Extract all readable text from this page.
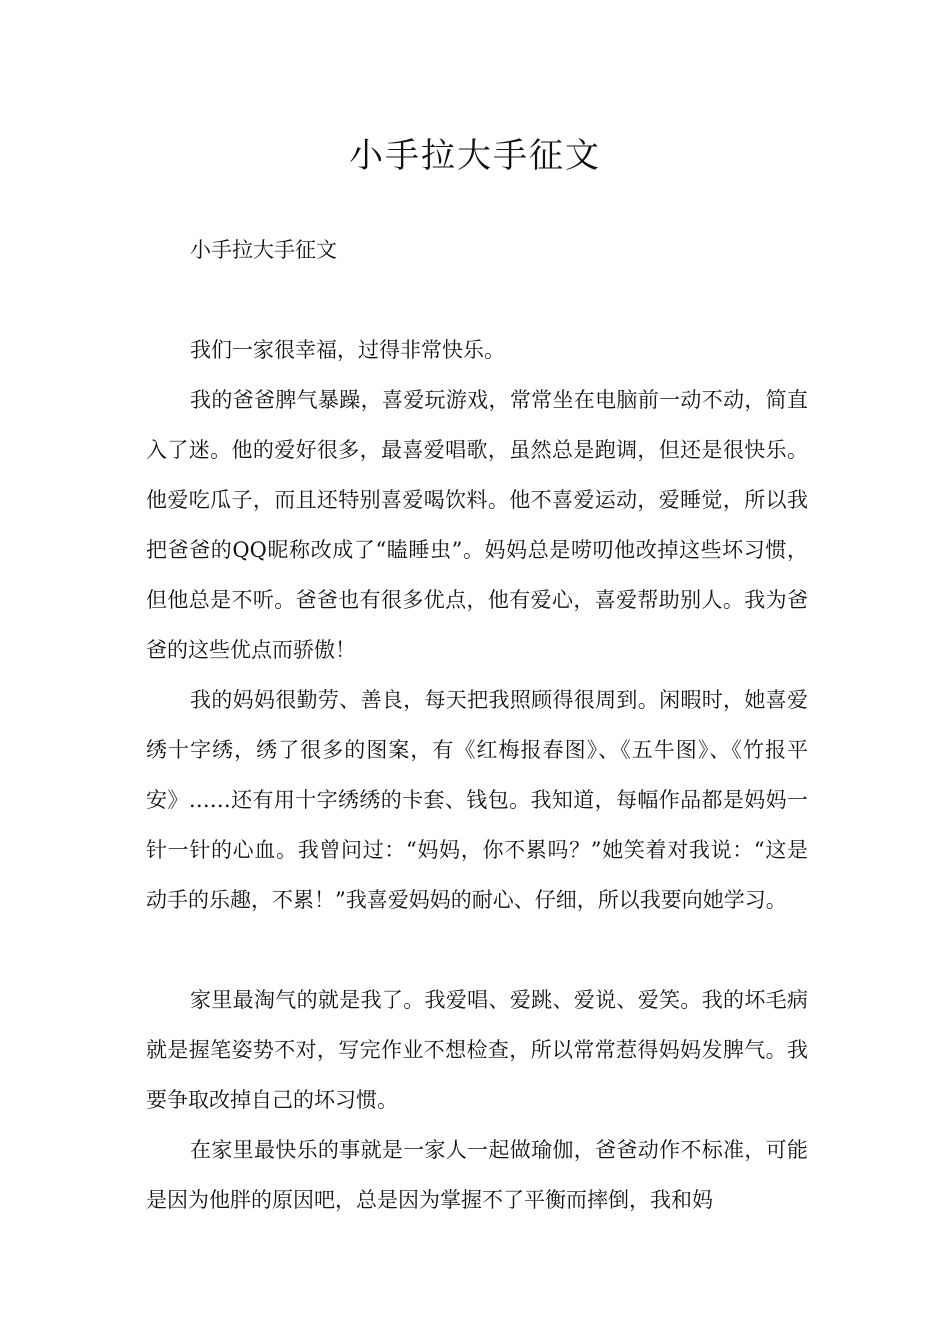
小手拉大手征文
小手拉大手征文

我们一家很幸福，过得非常快乐。

我的爸爸脾气暴躁，喜爱玩游戏，常常坐在电脑前一动不动，简直入了迷。他的爱好很多，最喜爱唱歌，虽然总是跑调，但还是很快乐。他爱吃瓜子，而且还特别喜爱喝饮料。他不喜爱运动，爱睡觉，所以我把爸爸的QQ昵称改成了“瞌睡虫”。妈妈总是唠叨他改掉这些坏习惯，但他总是不听。爸爸也有很多优点，他有爱心，喜爱帮助别人。我为爸爸的这些优点而骄傲！

我的妈妈很勤劳、善良，每天把我照顾得很周到。闲暇时，她喜爱绣十字绣，绣了很多的图案，有《红梅报春图》、《五牛图》、《竹报平安》……还有用十字绣绣的卡套、钱包。我知道，每幅作品都是妈妈一针一针的心血。我曾问过：“妈妈，你不累吗？”她笑着对我说：“这是动手的乐趣，不累！”我喜爱妈妈的耐心、仔细，所以我要向她学习。

家里最淘气的就是我了。我爱唱、爱跳、爱说、爱笑。我的坏毛病就是握笔姿势不对，写完作业不想检查，所以常常惹得妈妈发脾气。我要争取改掉自己的坏习惯。

在家里最快乐的事就是一家人一起做瑜伽，爸爸动作不标准，可能是因为他胖的原因吧，总是因为掌握不了平衡而摔倒，我和妈
